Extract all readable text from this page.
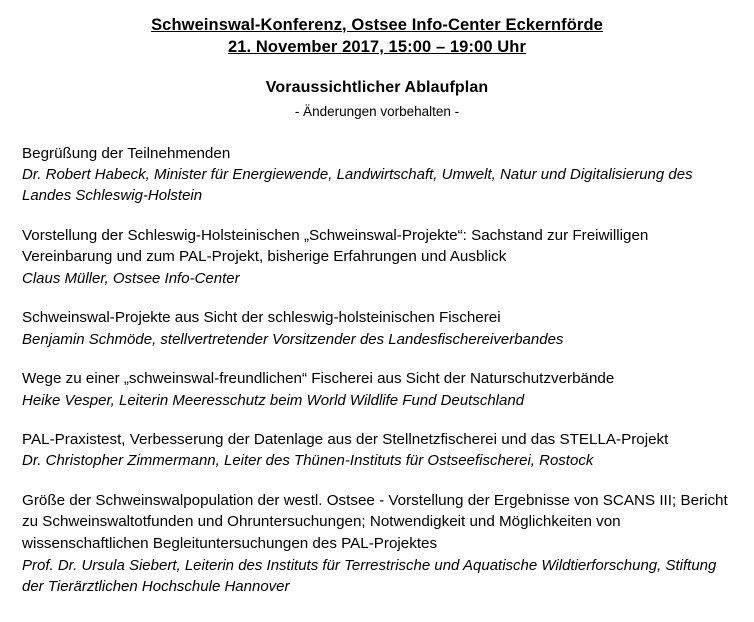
Schweinswal-Konferenz, Ostsee Info-Center Eckernförde
21. November 2017, 15:00 – 19:00 Uhr
Voraussichtlicher Ablaufplan
- Änderungen vorbehalten -
Begrüßung der Teilnehmenden
Dr. Robert Habeck, Minister für Energiewende, Landwirtschaft, Umwelt, Natur und Digitalisierung des Landes Schleswig-Holstein
Vorstellung der Schleswig-Holsteinischen „Schweinswal-Projekte“: Sachstand zur Freiwilligen Vereinbarung und zum PAL-Projekt, bisherige Erfahrungen und Ausblick
Claus Müller, Ostsee Info-Center
Schweinswal-Projekte aus Sicht der schleswig-holsteinischen Fischerei
Benjamin Schmöde, stellvertretender Vorsitzender des Landesfischereiverbandes
Wege zu einer „schweinswal-freundlichen“ Fischerei aus Sicht der Naturschutzverbände
Heike Vesper, Leiterin Meeresschutz beim World Wildlife Fund Deutschland
PAL-Praxistest, Verbesserung der Datenlage aus der Stellnetzfischerei und das STELLA-Projekt
Dr. Christopher Zimmermann, Leiter des Thünen-Instituts für Ostseefischerei, Rostock
Größe der Schweinswalpopulation der westl. Ostsee - Vorstellung der Ergebnisse von SCANS III; Bericht zu Schweinswaltotfunden und Ohruntersuchungen; Notwendigkeit und Möglichkeiten von wissenschaftlichen Begleituntersuchungen des PAL-Projektes
Prof. Dr. Ursula Siebert, Leiterin des Instituts für Terrestrische und Aquatische Wildtierforschung, Stiftung der Tierärztlichen Hochschule Hannover
